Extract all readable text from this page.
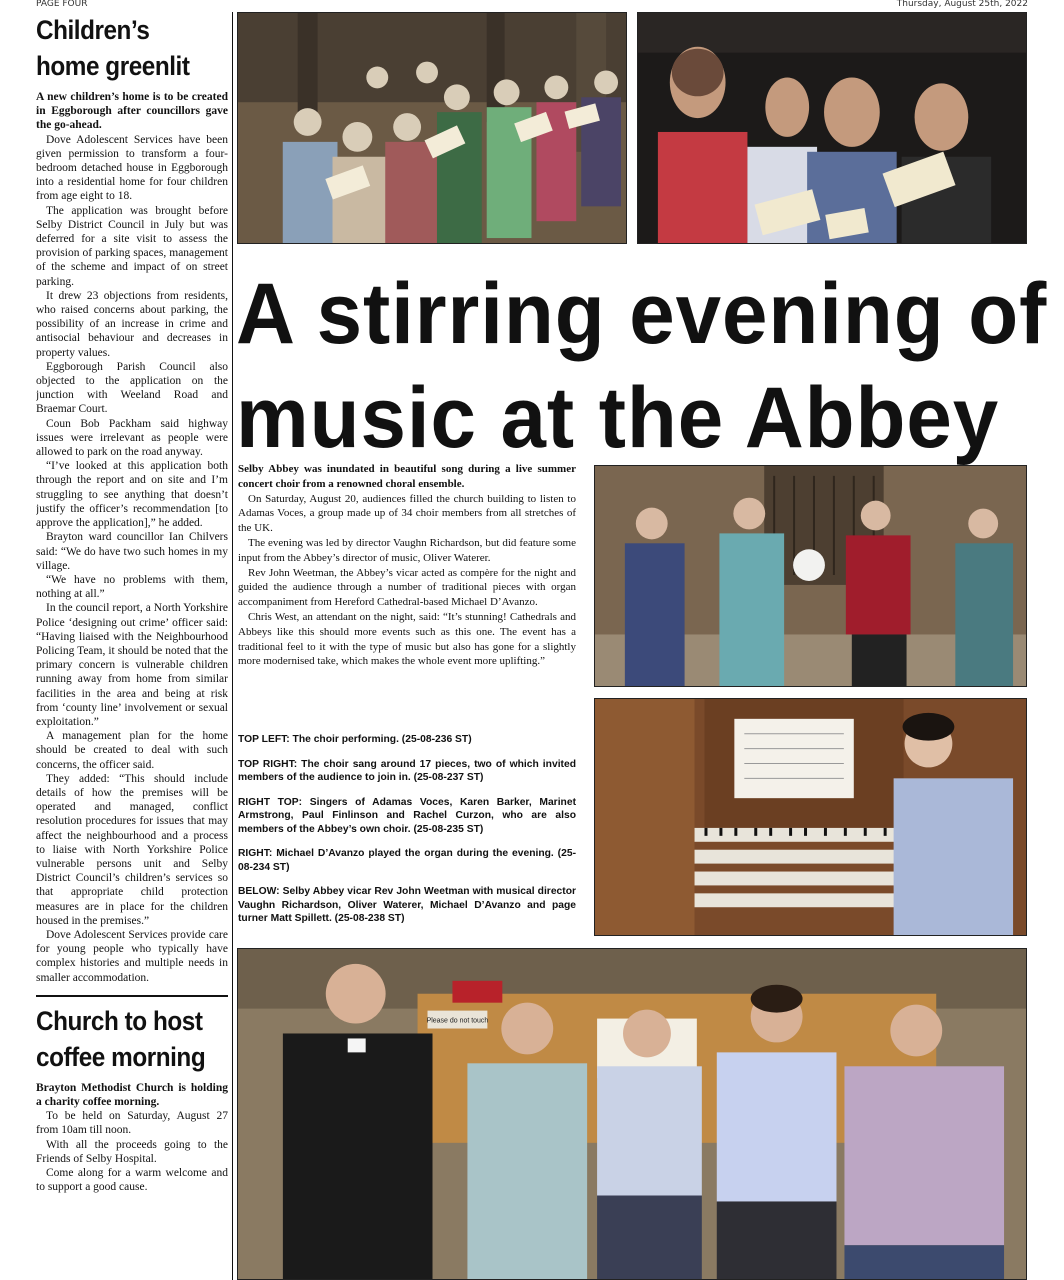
PAGE FOUR	Thursday, August 25th, 2022
Children’s
home greenlit

A new children’s home is to be created in Eggborough after councillors gave the go-ahead.

Dove Adolescent Services have been given permission to transform a four-bedroom detached house in Eggborough into a residential home for four children from age eight to 18.

The application was brought before Selby District Council in July but was deferred for a site visit to assess the provision of parking spaces, management of the scheme and impact of on street parking.

It drew 23 objections from residents, who raised concerns about parking, the possibility of an increase in crime and antisocial behaviour and decreases in property values.

Eggborough Parish Council also objected to the application on the junction with Weeland Road and Braemar Court.

Coun Bob Packham said highway issues were irrelevant as people were allowed to park on the road anyway.

“I’ve looked at this application both through the report and on site and I’m struggling to see anything that doesn’t justify the officer’s recommendation [to approve the application],” he added.

Brayton ward councillor Ian Chilvers said: “We do have two such homes in my village.

“We have no problems with them, nothing at all.”

In the council report, a North Yorkshire Police ‘designing out crime’ officer said: “Having liaised with the Neighbourhood Policing Team, it should be noted that the primary concern is vulnerable children running away from home from similar facilities in the area and being at risk from ‘county line’ involvement or sexual exploitation.”

A management plan for the home should be created to deal with such concerns, the officer said.

They added: “This should include details of how the premises will be operated and managed, conflict resolution procedures for issues that may affect the neighbourhood and a process to liaise with North Yorkshire Police vulnerable persons unit and Selby District Council’s children’s services so that appropriate child protection measures are in place for the children housed in the premises.”

Dove Adolescent Services provide care for young people who typically have complex histories and multiple needs in smaller accommodation.

Church to host
coffee morning

Brayton Methodist Church is holding a charity coffee morning.

To be held on Saturday, August 27 from 10am till noon.

With all the proceeds going to the Friends of Selby Hospital.

Come along for a warm welcome and to support a good cause.

A stirring evening of
music at the Abbey

Selby Abbey was inundated in beautiful song during a live summer concert choir from a renowned choral ensemble.

On Saturday, August 20, audiences filled the church building to listen to Adamas Voces, a group made up of 34 choir members from all stretches of the UK.

The evening was led by director Vaughn Richardson, but did feature some input from the Abbey’s director of music, Oliver Waterer.

Rev John Weetman, the Abbey’s vicar acted as compère for the night and guided the audience through a number of traditional pieces with organ accompaniment from Hereford Cathedral-based Michael D’Avanzo.

Chris West, an attendant on the night, said: “It’s stunning! Cathedrals and Abbeys like this should more events such as this one. The event has a traditional feel to it with the type of music but also has gone for a slightly more modernised take, which makes the whole event more uplifting.”

TOP LEFT: The choir performing. (25-08-236 ST)

TOP RIGHT: The choir sang around 17 pieces, two of which invited members of the audience to join in. (25-08-237 ST)

RIGHT TOP: Singers of Adamas Voces, Karen Barker, Marinet Armstrong, Paul Finlinson and Rachel Curzon, who are also members of the Abbey’s own choir. (25-08-235 ST)

RIGHT: Michael D’Avanzo played the organ during the evening. (25-08-234 ST)

BELOW: Selby Abbey vicar Rev John Weetman with musical director Vaughn Richardson, Oliver Waterer, Michael D’Avanzo and page turner Matt Spillett. (25-08-238 ST)

Please do not touch
